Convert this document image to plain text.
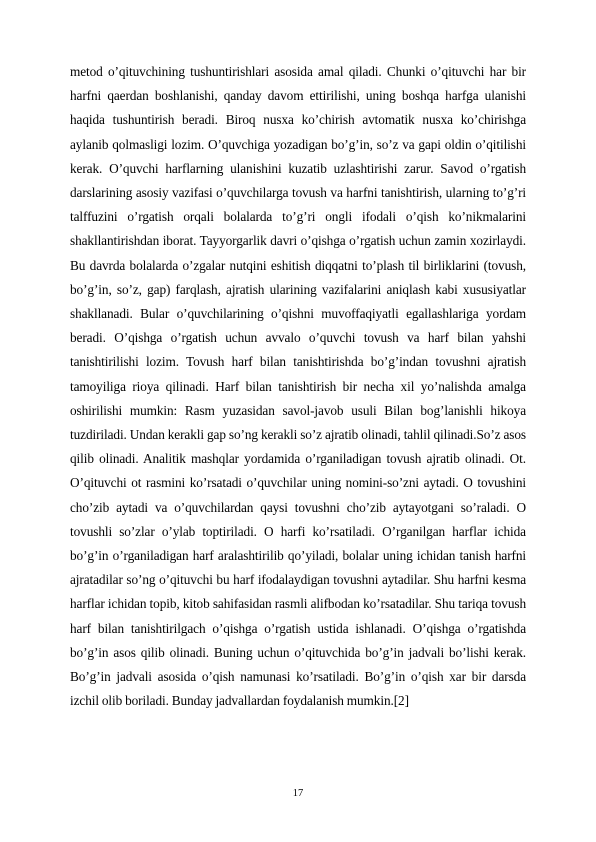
metod o’qituvchining tushuntirishlari asosida amal qiladi. Chunki o’qituvchi har bir harfni qaerdan boshlanishi, qanday davom ettirilishi, uning boshqa harfga ulanishi haqida tushuntirish beradi. Biroq nusxa ko’chirish avtomatik nusxa ko’chirishga aylanib qolmasligi lozim. O’quvchiga yozadigan bo’g’in, so’z va gapi oldin o’qitilishi kerak. O’quvchi harflarning ulanishini kuzatib uzlashtirishi zarur. Savod o’rgatish darslarining asosiy vazifasi o’quvchilarga tovush va harfni tanishtirish, ularning to’g’ri talffuzini o’rgatish orqali bolalarda to’g’ri ongli ifodali o’qish ko’nikmalarini shakllantirishdan iborat. Tayyorgarlik davri o’qishga o’rgatish uchun zamin xozirlaydi. Bu davrda bolalarda o’zgalar nutqini eshitish diqqatni to’plash til birliklarini (tovush, bo’g’in, so’z, gap) farqlash, ajratish ularining vazifalarini aniqlash kabi xususiyatlar shakllanadi. Bular o’quvchilarining o’qishni muvoffaqiyatli egallashlariga yordam beradi. O’qishga o’rgatish uchun avvalo o’quvchi tovush va harf bilan yahshi tanishtirilishi lozim. Tovush harf bilan tanishtirishda bo’g’indan tovushni ajratish tamoyiliga rioya qilinadi. Harf bilan tanishtirish bir necha xil yo’nalishda amalga oshirilishi mumkin: Rasm yuzasidan savol-javob usuli Bilan bog’lanishli hikoya tuzdiriladi. Undan kerakli gap so’ng kerakli so’z ajratib olinadi, tahlil qilinadi.So’z asos qilib olinadi. Analitik mashqlar yordamida o’rganiladigan tovush ajratib olinadi. Ot. O’qituvchi ot rasmini ko’rsatadi o’quvchilar uning nomini-so’zni aytadi. O tovushini cho’zib aytadi va o’quvchilardan qaysi tovushni cho’zib aytayotgani so’raladi. O tovushli so’zlar o’ylab toptiriladi. O harfi ko’rsatiladi. O’rganilgan harflar ichida bo’g’in o’rganiladigan harf aralashtirilib qo’yiladi, bolalar uning ichidan tanish harfni ajratadilar so’ng o’qituvchi bu harf ifodalaydigan tovushni aytadilar. Shu harfni kesma harflar ichidan topib, kitob sahifasidan rasmli alifbodan ko’rsatadilar. Shu tariqa tovush harf bilan tanishtirilgach o’qishga o’rgatish ustida ishlanadi. O’qishga o’rgatishda bo’g’in asos qilib olinadi. Buning uchun o’qituvchida bo’g’in jadvali bo’lishi kerak. Bo’g’in jadvali asosida o’qish namunasi ko’rsatiladi. Bo’g’in o’qish xar bir darsda izchil olib boriladi. Bunday jadvallardan foydalanish mumkin.[2]

17
